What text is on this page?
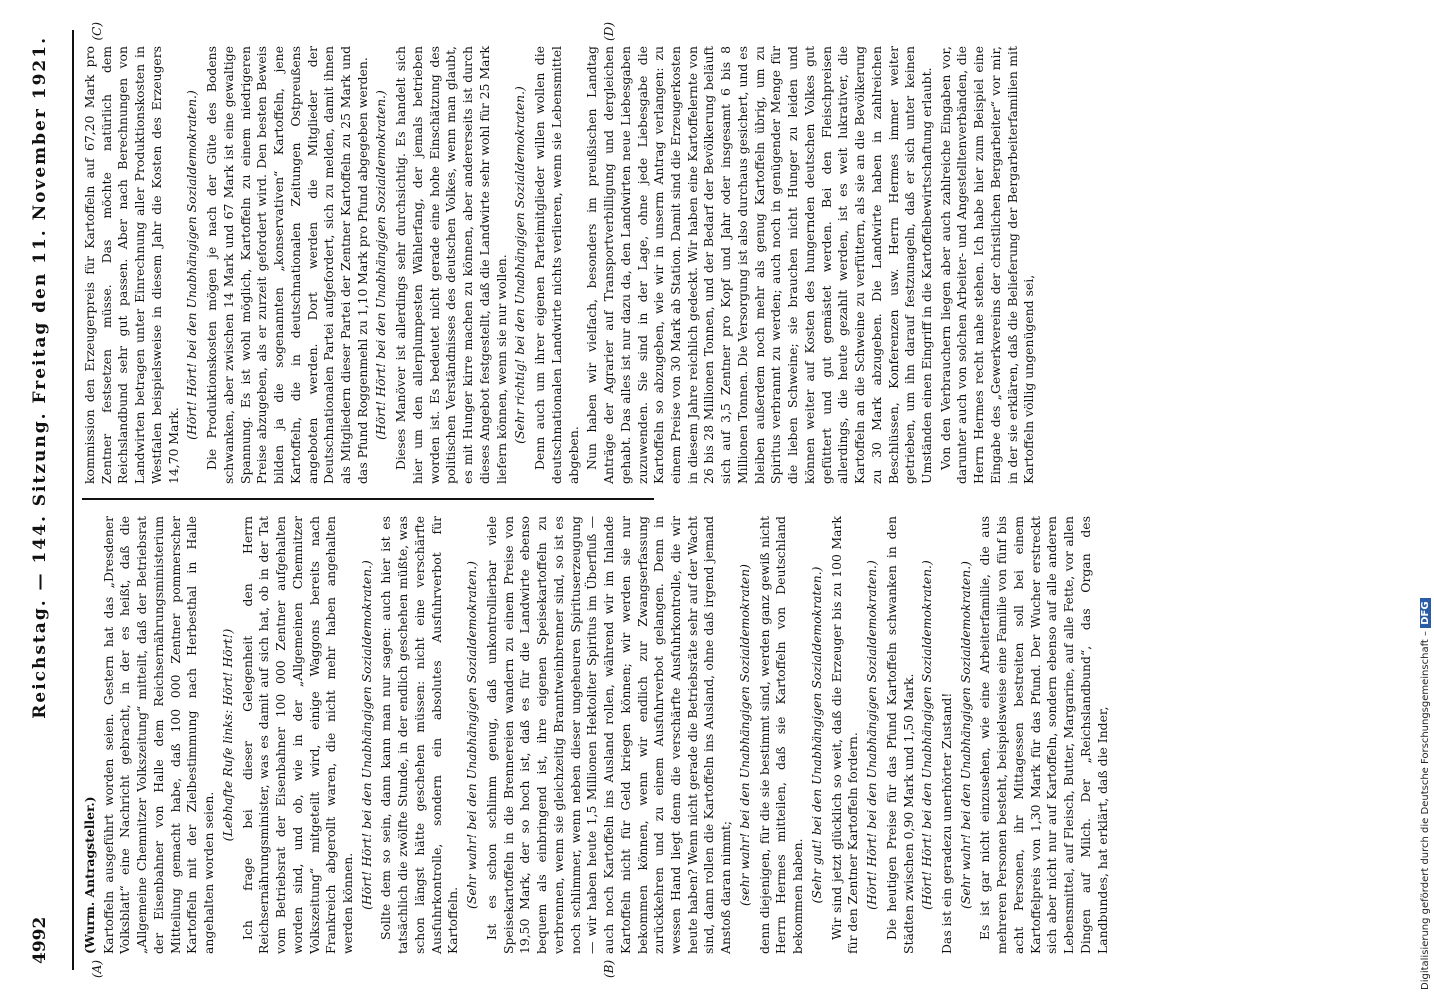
4992
Reichstag. — 144. Sitzung. Freitag den 11. November 1921.
(A)	(B)
(C)	(D)

(Wurm. Antragsteller.) Kartoffeln ausgeführt worden seien. Gestern hat das „Dresdener Volksblatt“ eine Nachricht gebracht, in der es heißt, daß die „Allgemeine Chemnitzer Volkszeitung“ mitteilt, daß der Betriebsrat der Eisenbahner von Halle dem Reichsernährungsministerium Mitteilung gemacht habe, daß 100 000 Zentner pommerscher Kartoffeln mit der Zielbestimmung nach Herbesthal in Halle angehalten worden seien.

(Lebhafte Rufe links: Hört! Hört!) Ich frage bei dieser Gelegenheit den Herrn Reichsernährungsminister, was es damit auf sich hat, ob in der Tat vom Betriebsrat der Eisenbahner 100 000 Zentner aufgehalten worden sind, und ob, wie in der „Allgemeinen Chemnitzer Volkszeitung“ mitgeteilt wird, einige Waggons bereits nach Frankreich abgerollt waren, die nicht mehr haben angehalten werden können. (Hört! Hört! bei den Unabhängigen Sozialdemokraten.) Sollte dem so sein, dann kann man nur sagen: auch hier ist es tatsächlich die zwölfte Stunde, in der endlich geschehen müßte, was schon längst hätte geschehen müssen: nicht eine verschärfte Ausfuhrkontrolle, sondern ein absolutes Ausfuhrverbot für Kartoffeln.

(Sehr wahr! bei den Unabhängigen Sozialdemokraten.) Ist es schon schlimm genug, daß unkontrollierbar viele Speisekartoffeln in die Brennereien wandern zu einem Preise von 19,50 Mark, der so hoch ist, daß es für die Landwirte ebenso bequem als einbringend ist, ihre eigenen Speisekartoffeln zu verbrennen, wenn sie gleichzeitig Branntweinbrenner sind, so ist es noch schlimmer, wenn neben dieser ungeheuren Spirituserzeugung — wir haben heute 1,5 Millionen Hektoliter Spiritus im Überfluß — auch noch Kartoffeln ins Ausland rollen, während wir im Inlande Kartoffeln nicht für Geld kriegen können; wir werden sie nur bekommen können, wenn wir endlich zur Zwangserfassung zurückkehren und zu einem Ausfuhrverbot gelangen. Denn in wessen Hand liegt denn die verschärfte Ausfuhrkontrolle, die wir heute haben? Wenn nicht gerade die Betriebsräte sehr auf der Wacht sind, dann rollen die Kartoffeln ins Ausland, ohne daß irgend jemand Anstoß daran nimmt; (sehr wahr! bei den Unabhängigen Sozialdemokraten) denn diejenigen, für die sie bestimmt sind, werden ganz gewiß nicht Herrn Hermes mitteilen, daß sie Kartoffeln von Deutschland bekommen haben. (Sehr gut! bei den Unabhängigen Sozialdemokraten.) Wir sind jetzt glücklich so weit, daß die Erzeuger bis zu 100 Mark für den Zentner Kartoffeln fordern. (Hört! Hört! bei den Unabhängigen Sozialdemokraten.) Die heutigen Preise für das Pfund Kartoffeln schwanken in den Städten zwischen 0,90 Mark und 1,50 Mark. (Hört! Hört! bei den Unabhängigen Sozialdemokraten.) Das ist ein geradezu unerhörter Zustand! (Sehr wahr! bei den Unabhängigen Sozialdemokraten.) Es ist gar nicht einzusehen, wie eine Arbeiterfamilie, die aus mehreren Personen besteht, beispielsweise eine Familie von fünf bis acht Personen, ihr Mittagessen bestreiten soll bei einem Kartoffelpreis von 1,30 Mark für das Pfund. Der Wucher erstreckt sich aber nicht nur auf Kartoffeln, sondern ebenso auf alle anderen Lebensmittel, auf Fleisch, Butter, Margarine, auf alle Fette, vor allen Dingen auf Milch. Der „Reichslandbund“, das Organ des Landbundes, hat erklärt, daß die Inder,

kommission den Erzeugerpreis für Kartoffeln auf 67,20 Mark pro Zentner festsetzen müsse. Das möchte natürlich dem Reichslandbund sehr gut passen. Aber nach Berechnungen von Landwirten betragen unter Einrechnung aller Produktionskosten in Westfalen beispielsweise in diesem Jahr die Kosten des Erzeugers 14,70 Mark.

(Hört! Hört! bei den Unabhängigen Sozialdemokraten.) Die Produktionskosten mögen je nach der Güte des Bodens schwanken, aber zwischen 14 Mark und 67 Mark ist eine gewaltige Spannung. Es ist wohl möglich, Kartoffeln zu einem niedrigeren Preise abzugeben, als er zurzeit gefordert wird. Den besten Beweis bilden ja die sogenannten „konservativen“ Kartoffeln, jene Kartoffeln, die in deutschnationalen Zeitungen Ostpreußens angeboten werden. Dort werden die Mitglieder der Deutschnationalen Partei aufgefordert, sich zu melden, damit ihnen als Mitgliedern dieser Partei der Zentner Kartoffeln zu 25 Mark und das Pfund Roggenmehl zu 1,10 Mark pro Pfund abgegeben werden. (Hört! Hört! bei den Unabhängigen Sozialdemokraten.) Dieses Manöver ist allerdings sehr durchsichtig. Es handelt sich hier um den allerplumpesten Wählerfang, der jemals betrieben worden ist. Es bedeutet nicht gerade eine hohe Einschätzung des politischen Verständnisses des deutschen Volkes, wenn man glaubt, es mit Hunger kirre machen zu können, aber andererseits ist durch dieses Angebot festgestellt, daß die Landwirte sehr wohl für 25 Mark liefern können, wenn sie nur wollen. (Sehr richtig! bei den Unabhängigen Sozialdemokraten.) Denn auch um ihrer eigenen Parteimitglieder willen wollen die deutschnationalen Landwirte nichts verlieren, wenn sie Lebensmittel abgeben. Nun haben wir vielfach, besonders im preußischen Landtag Anträge der Agrarier auf Transportverbilligung und dergleichen gehabt. Das alles ist nur dazu da, den Landwirten neue Liebesgaben zuzuwenden. Sie sind in der Lage, ohne jede Liebesgabe die Kartoffeln so abzugeben, wie wir in unserm Antrag verlangen: zu einem Preise von 30 Mark ab Station. Damit sind die Erzeugerkosten in diesem Jahre reichlich gedeckt. Wir haben eine Kartoffelernte von 26 bis 28 Millionen Tonnen, und der Bedarf der Bevölkerung beläuft sich auf 3,5 Zentner pro Kopf und Jahr oder insgesamt 6 bis 8 Millionen Tonnen. Die Versorgung ist also durchaus gesichert, und es bleiben außerdem noch mehr als genug Kartoffeln übrig, um zu Spiritus verbrannt zu werden; auch noch in genügender Menge für die lieben Schweine; sie brauchen nicht Hunger zu leiden und können weiter auf Kosten des hungernden deutschen Volkes gut gefüttert und gut gemästet werden. Bei den Fleischpreisen allerdings, die heute gezahlt werden, ist es weit lukrativer, die Kartoffeln an die Schweine zu verfüttern, als sie an die Bevölkerung zu 30 Mark abzugeben. Die Landwirte haben in zahlreichen Beschlüssen, Konferenzen usw. Herrn Hermes immer weiter getrieben, um ihn darauf festzunageln, daß er sich unter keinen Umständen einen Eingriff in die Kartoffelbewirtschaftung erlaubt. Von den Verbrauchern liegen aber auch zahlreiche Eingaben vor, darunter auch von solchen Arbeiter- und Angestelltenverbänden, die Herrn Hermes recht nahe stehen. Ich habe hier zum Beispiel eine Eingabe des „Gewerkvereins der christlichen Bergarbeiter“ vor mir, in der sie erklären, daß die Belieferung der Bergarbeiterfamilien mit Kartoffeln völlig ungenügend sei,

Digitalisierung gefördert durch die Deutsche Forschungsgemeinschaft – DFG
